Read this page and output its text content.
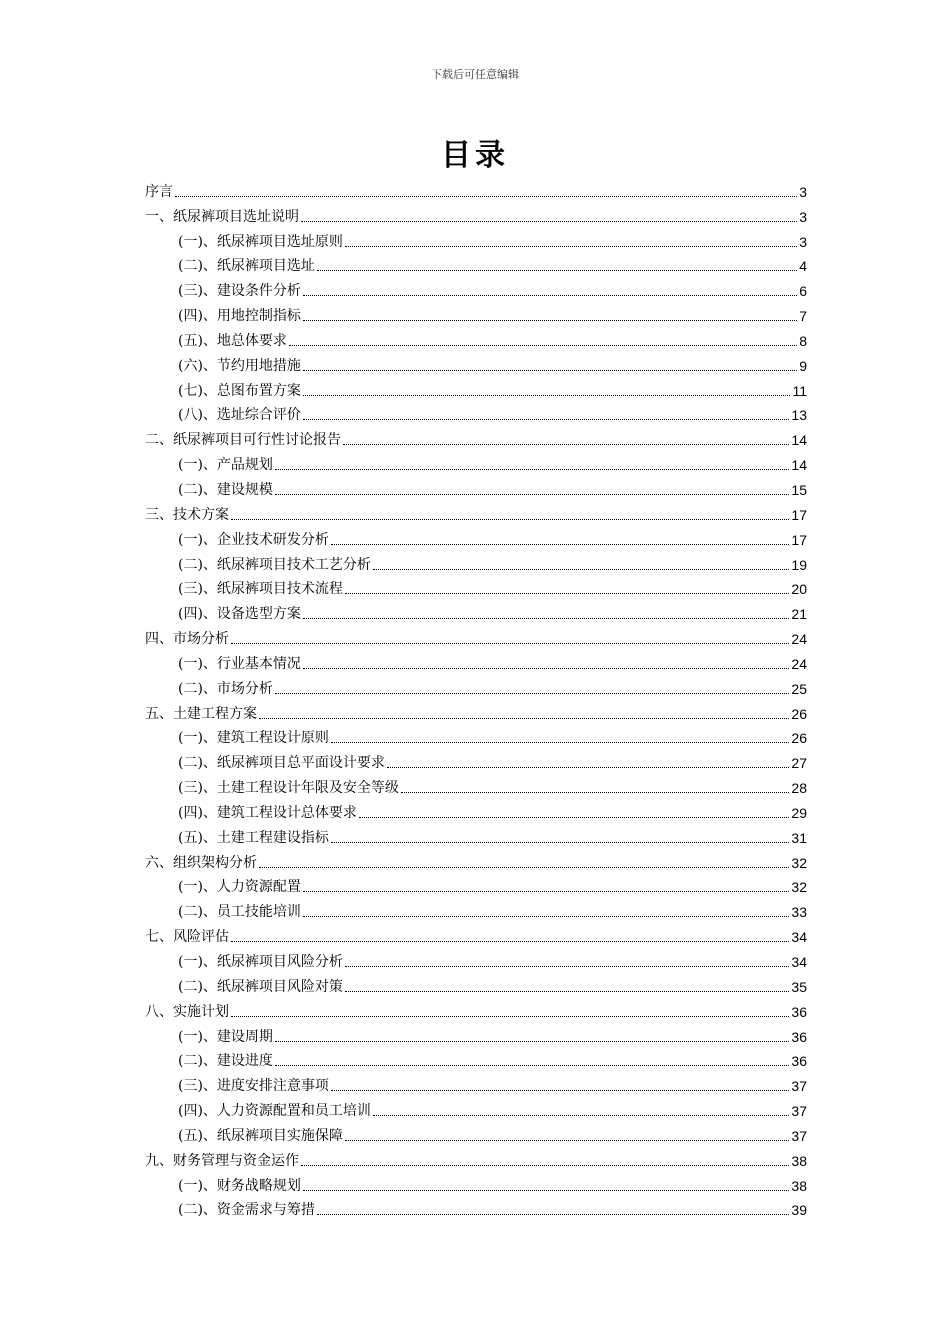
下载后可任意编辑
目录
序言	3
一、纸尿裤项目选址说明	3
(一)、纸尿裤项目选址原则	3
(二)、纸尿裤项目选址	4
(三)、建设条件分析	6
(四)、用地控制指标	7
(五)、地总体要求	8
(六)、节约用地措施	9
(七)、总图布置方案	11
(八)、选址综合评价	13
二、纸尿裤项目可行性讨论报告	14
(一)、产品规划	14
(二)、建设规模	15
三、技术方案	17
(一)、企业技术研发分析	17
(二)、纸尿裤项目技术工艺分析	19
(三)、纸尿裤项目技术流程	20
(四)、设备选型方案	21
四、市场分析	24
(一)、行业基本情况	24
(二)、市场分析	25
五、土建工程方案	26
(一)、建筑工程设计原则	26
(二)、纸尿裤项目总平面设计要求	27
(三)、土建工程设计年限及安全等级	28
(四)、建筑工程设计总体要求	29
(五)、土建工程建设指标	31
六、组织架构分析	32
(一)、人力资源配置	32
(二)、员工技能培训	33
七、风险评估	34
(一)、纸尿裤项目风险分析	34
(二)、纸尿裤项目风险对策	35
八、实施计划	36
(一)、建设周期	36
(二)、建设进度	36
(三)、进度安排注意事项	37
(四)、人力资源配置和员工培训	37
(五)、纸尿裤项目实施保障	37
九、财务管理与资金运作	38
(一)、财务战略规划	38
(二)、资金需求与筹措	39
